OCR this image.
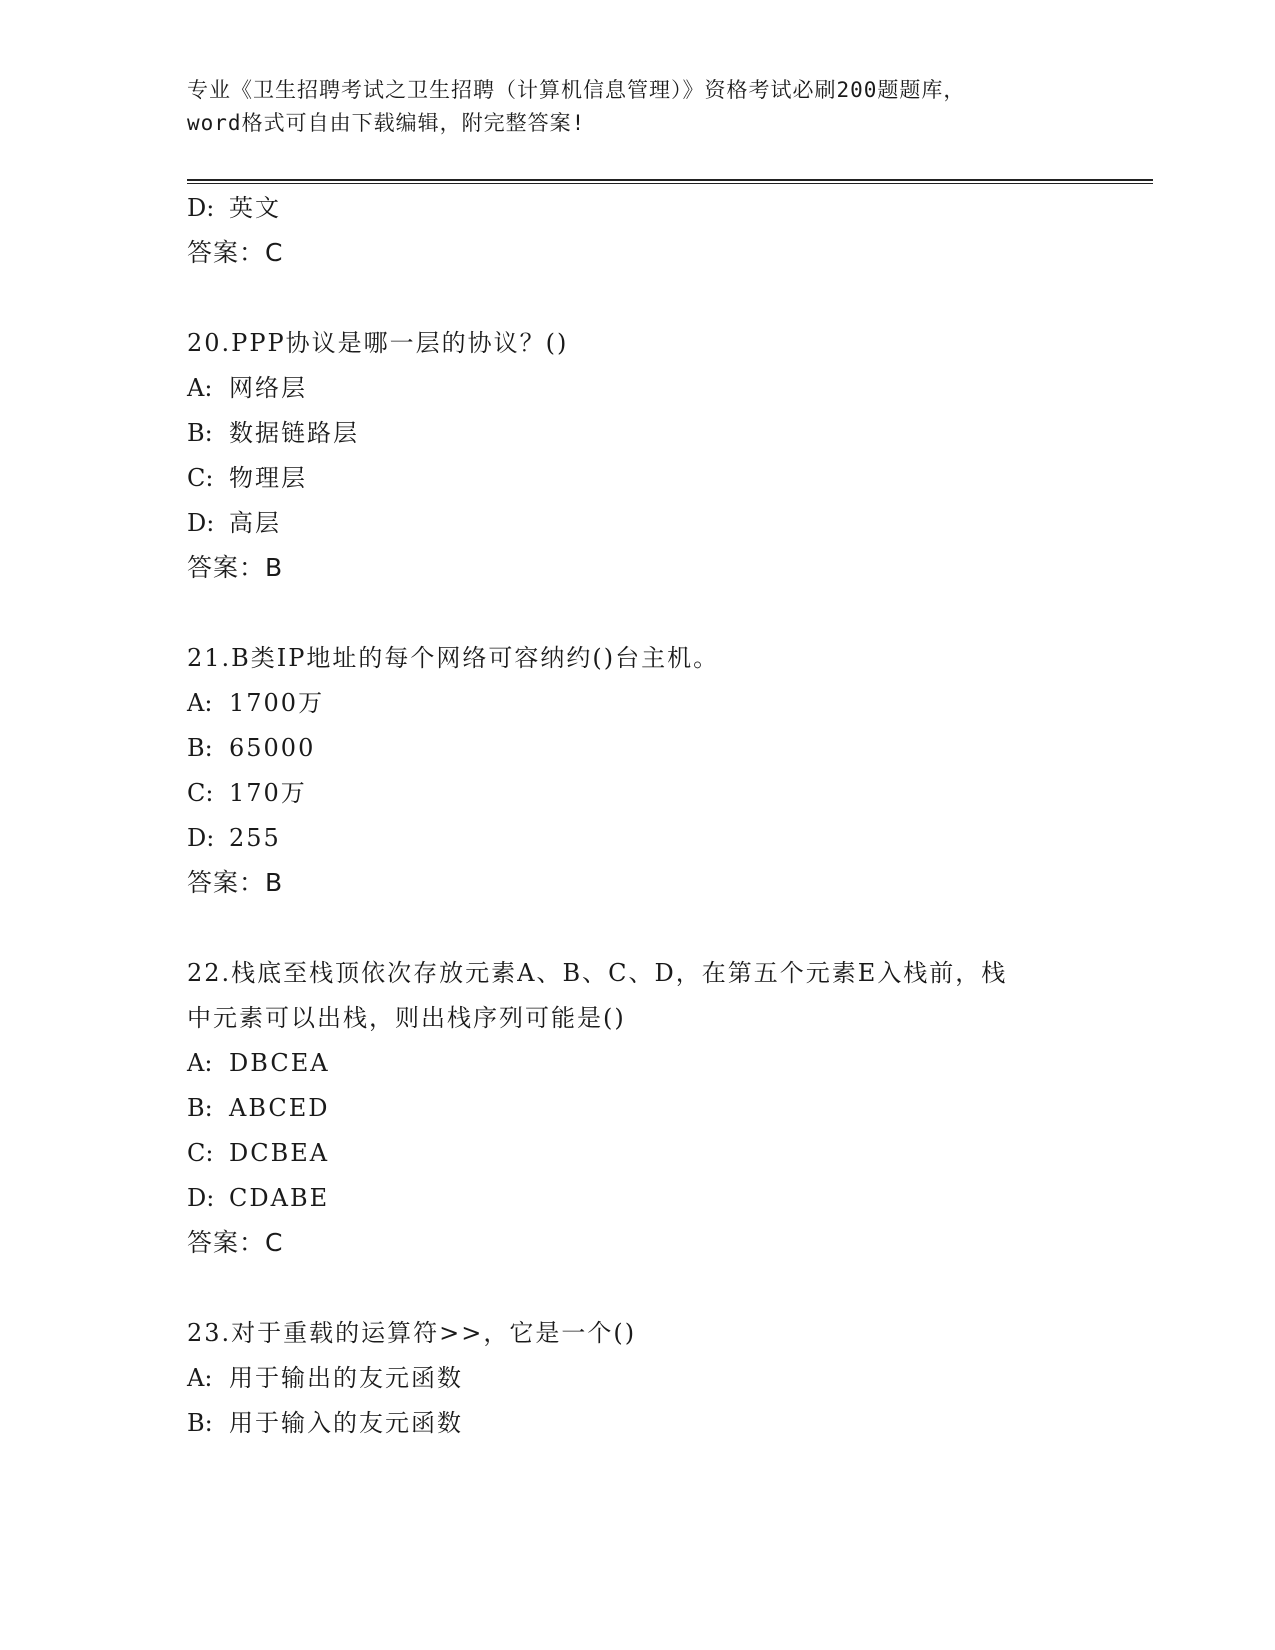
专业《卫生招聘考试之卫生招聘（计算机信息管理）》资格考试必刷200题题库，
word格式可自由下载编辑，附完整答案!
D: 英文
答案：C
20.PPP协议是哪一层的协议？()
A: 网络层
B: 数据链路层
C: 物理层
D: 高层
答案：B
21.B类IP地址的每个网络可容纳约()台主机。
A: 1700万
B: 65000
C: 170万
D: 255
答案：B
22.栈底至栈顶依次存放元素A、B、C、D，在第五个元素E入栈前，栈
中元素可以出栈，则出栈序列可能是()
A: DBCEA
B: ABCED
C: DCBEA
D: CDABE
答案：C
23.对于重载的运算符>>，它是一个()
A: 用于输出的友元函数
B: 用于输入的友元函数
